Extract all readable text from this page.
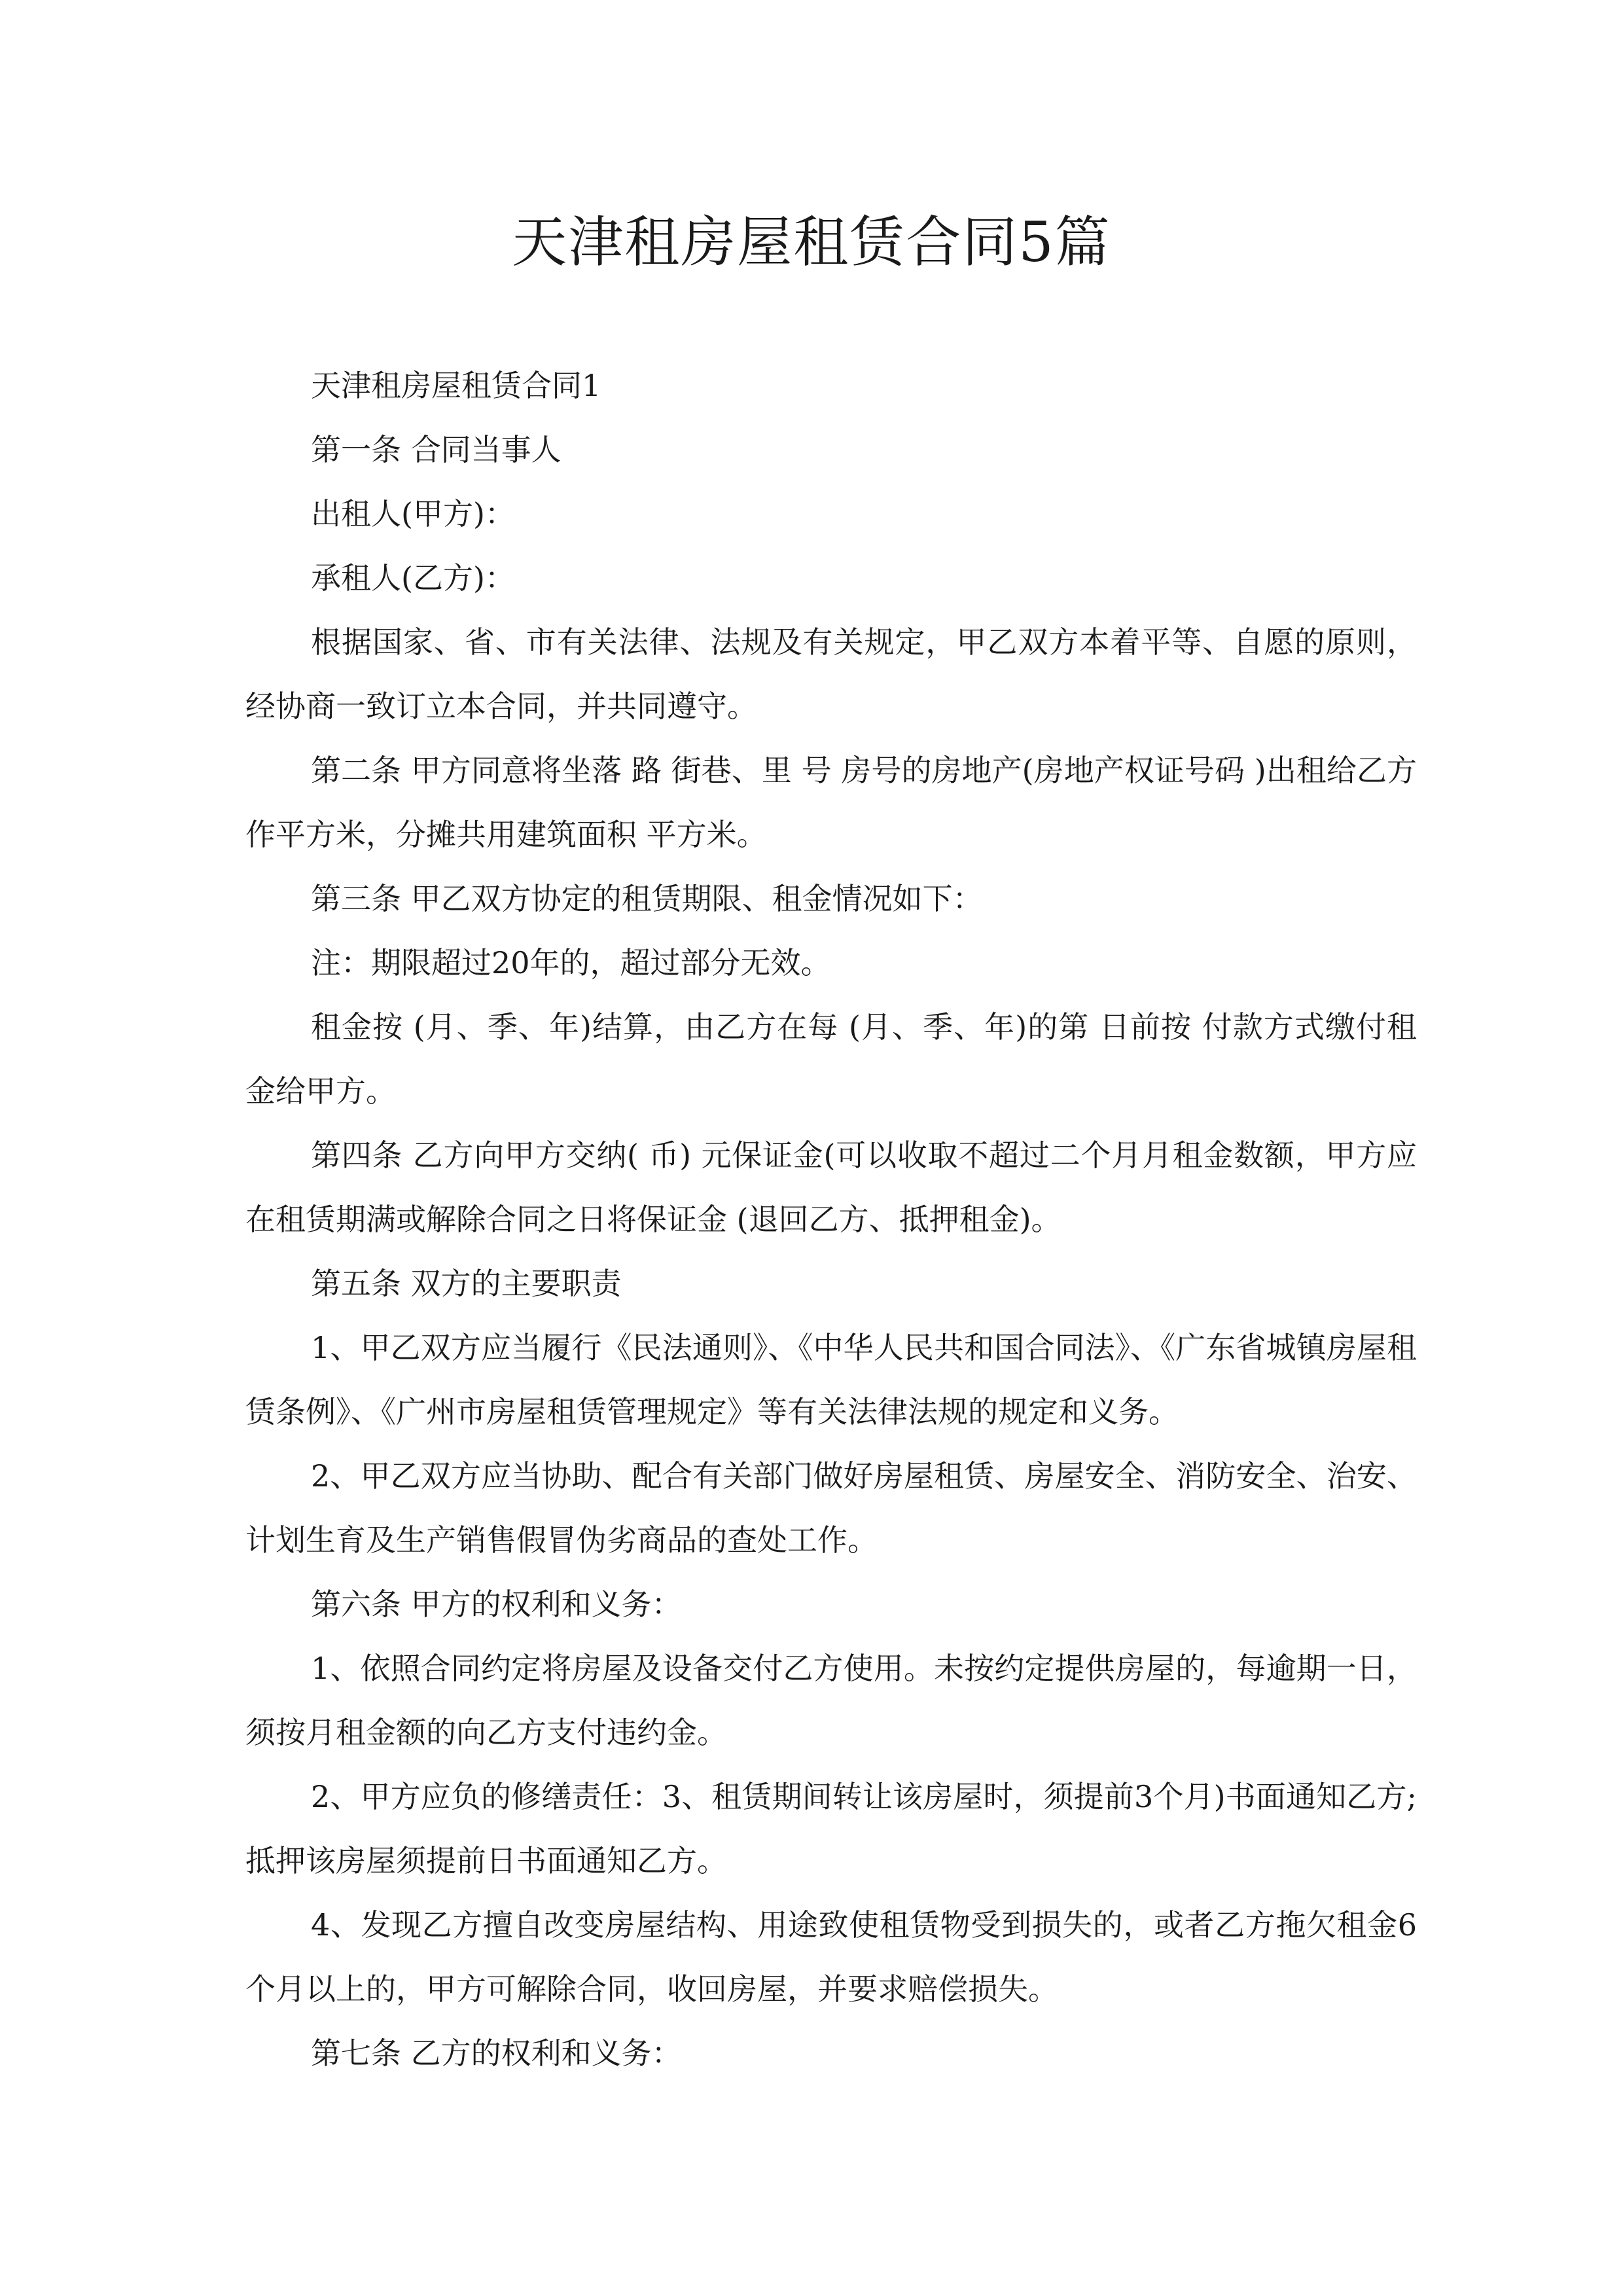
天津租房屋租赁合同5篇

天津租房屋租赁合同1

第一条 合同当事人

出租人(甲方)：

承租人(乙方)：

根据国家、省、市有关法律、法规及有关规定，甲乙双方本着平等、自愿的原则，经协商一致订立本合同，并共同遵守。

第二条 甲方同意将坐落 路 街巷、里 号 房号的房地产(房地产权证号码 )出租给乙方作平方米，分摊共用建筑面积 平方米。

第三条 甲乙双方协定的租赁期限、租金情况如下：

注：期限超过20年的，超过部分无效。

租金按 (月、季、年)结算，由乙方在每 (月、季、年)的第 日前按 付款方式缴付租金给甲方。

第四条 乙方向甲方交纳( 币) 元保证金(可以收取不超过二个月月租金数额，甲方应在租赁期满或解除合同之日将保证金 (退回乙方、抵押租金)。

第五条 双方的主要职责

1、甲乙双方应当履行《民法通则》、《中华人民共和国合同法》、《广东省城镇房屋租赁条例》、《广州市房屋租赁管理规定》等有关法律法规的规定和义务。

2、甲乙双方应当协助、配合有关部门做好房屋租赁、房屋安全、消防安全、治安、计划生育及生产销售假冒伪劣商品的查处工作。

第六条 甲方的权利和义务：

1、依照合同约定将房屋及设备交付乙方使用。未按约定提供房屋的，每逾期一日，须按月租金额的向乙方支付违约金。

2、甲方应负的修缮责任：3、租赁期间转让该房屋时，须提前3个月)书面通知乙方;抵押该房屋须提前日书面通知乙方。

4、发现乙方擅自改变房屋结构、用途致使租赁物受到损失的，或者乙方拖欠租金6个月以上的，甲方可解除合同，收回房屋，并要求赔偿损失。

第七条 乙方的权利和义务：
